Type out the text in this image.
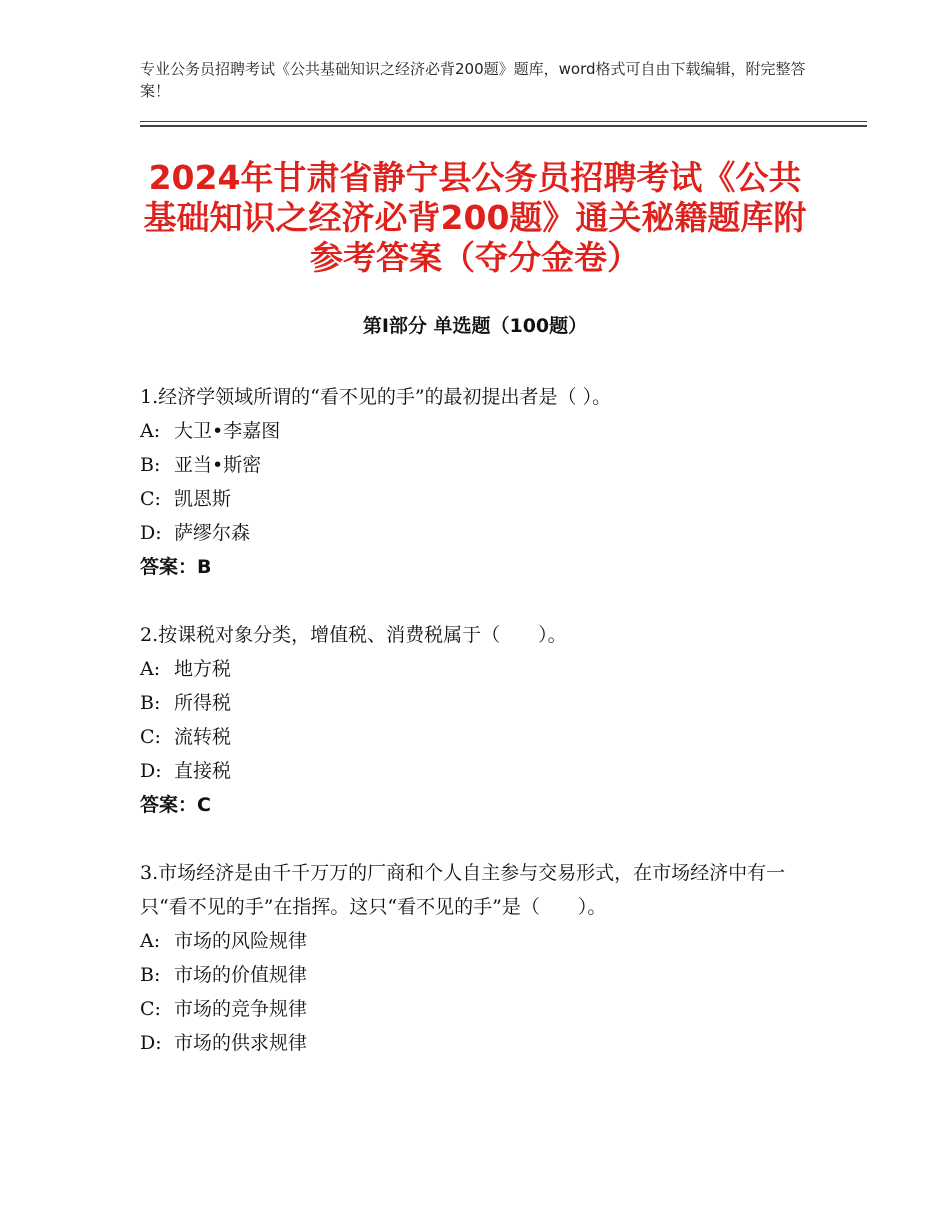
专业公务员招聘考试《公共基础知识之经济必背200题》题库，word格式可自由下载编辑，附完整答案！
2024年甘肃省静宁县公务员招聘考试《公共基础知识之经济必背200题》通关秘籍题库附参考答案（夺分金卷）
第Ⅰ部分 单选题（100题）

1.经济学领域所谓的“看不见的手”的最初提出者是（ ）。

A: 大卫•李嘉图

B: 亚当•斯密

C: 凯恩斯

D: 萨缪尔森

答案：B

2.按课税对象分类，增值税、消费税属于（　　）。

A: 地方税

B: 所得税

C: 流转税

D: 直接税

答案：C

3.市场经济是由千千万万的厂商和个人自主参与交易形式，在市场经济中有一只“看不见的手”在指挥。这只“看不见的手”是（　　）。

A: 市场的风险规律

B: 市场的价值规律

C: 市场的竞争规律

D: 市场的供求规律
